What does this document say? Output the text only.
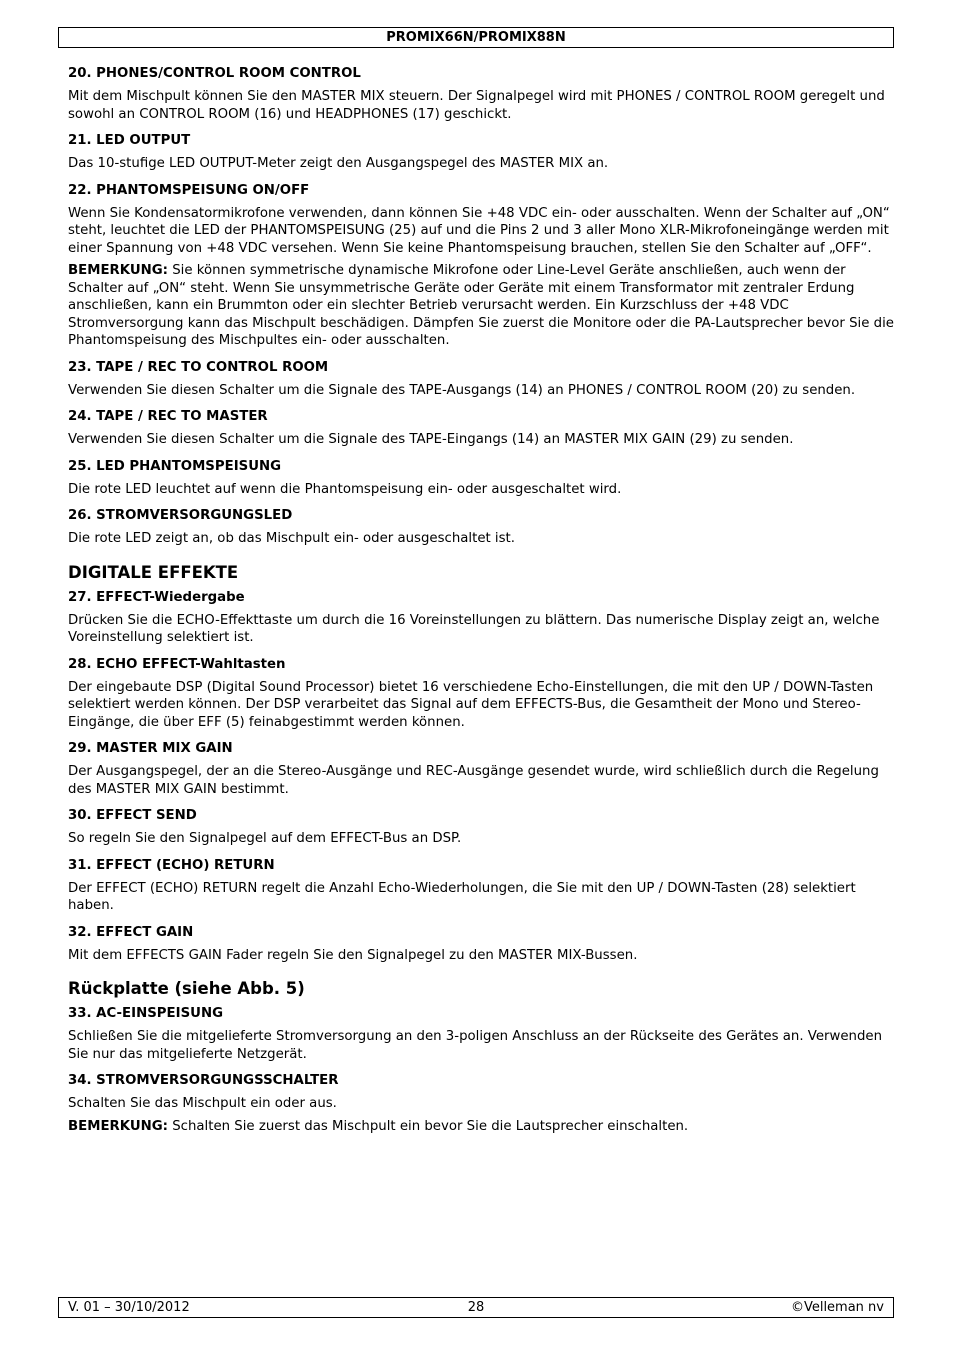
PROMIX66N/PROMIX88N

20. PHONES/CONTROL ROOM CONTROL

Mit dem Mischpult können Sie den MASTER MIX steuern. Der Signalpegel wird mit PHONES / CONTROL ROOM geregelt und sowohl an CONTROL ROOM (16) und HEADPHONES (17) geschickt.

21. LED OUTPUT

Das 10-stufige LED OUTPUT-Meter zeigt den Ausgangspegel des MASTER MIX an.

22. PHANTOMSPEISUNG ON/OFF

Wenn Sie Kondensatormikrofone verwenden, dann können Sie +48 VDC ein- oder ausschalten. Wenn der Schalter auf „ON“ steht, leuchtet die LED der PHANTOMSPEISUNG (25) auf und die Pins 2 und 3 aller Mono XLR-Mikrofoneingänge werden mit einer Spannung von +48 VDC versehen. Wenn Sie keine Phantomspeisung brauchen, stellen Sie den Schalter auf „OFF“.

BEMERKUNG: Sie können symmetrische dynamische Mikrofone oder Line-Level Geräte anschließen, auch wenn der Schalter auf „ON“ steht. Wenn Sie unsymmetrische Geräte oder Geräte mit einem Transformator mit zentraler Erdung anschließen, kann ein Brummton oder ein slechter Betrieb verursacht werden. Ein Kurzschluss der +48 VDC Stromversorgung kann das Mischpult beschädigen. Dämpfen Sie zuerst die Monitore oder die PA-Lautsprecher bevor Sie die Phantomspeisung des Mischpultes ein- oder ausschalten.

23. TAPE / REC TO CONTROL ROOM

Verwenden Sie diesen Schalter um die Signale des TAPE-Ausgangs (14) an PHONES / CONTROL ROOM (20) zu senden.

24. TAPE / REC TO MASTER

Verwenden Sie diesen Schalter um die Signale des TAPE-Eingangs (14) an MASTER MIX GAIN (29) zu senden.

25. LED PHANTOMSPEISUNG

Die rote LED leuchtet auf wenn die Phantomspeisung ein- oder ausgeschaltet wird.

26. STROMVERSORGUNGSLED

Die rote LED zeigt an, ob das Mischpult ein- oder ausgeschaltet ist.

DIGITALE EFFEKTE

27. EFFECT-Wiedergabe

Drücken Sie die ECHO-Effekttaste um durch die 16 Voreinstellungen zu blättern. Das numerische Display zeigt an, welche Voreinstellung selektiert ist.

28. ECHO EFFECT-Wahltasten

Der eingebaute DSP (Digital Sound Processor) bietet 16 verschiedene Echo-Einstellungen, die mit den UP / DOWN-Tasten selektiert werden können. Der DSP verarbeitet das Signal auf dem EFFECTS-Bus, die Gesamtheit der Mono und Stereo-Eingänge, die über EFF (5) feinabgestimmt werden können.

29. MASTER MIX GAIN

Der Ausgangspegel, der an die Stereo-Ausgänge und REC-Ausgänge gesendet wurde, wird schließlich durch die Regelung des MASTER MIX GAIN bestimmt.

30. EFFECT SEND

So regeln Sie den Signalpegel auf dem EFFECT-Bus an DSP.

31. EFFECT (ECHO) RETURN

Der EFFECT (ECHO) RETURN regelt die Anzahl Echo-Wiederholungen, die Sie mit den UP / DOWN-Tasten (28) selektiert haben.

32. EFFECT GAIN

Mit dem EFFECTS GAIN Fader regeln Sie den Signalpegel zu den MASTER MIX-Bussen.

Rückplatte (siehe Abb. 5)

33. AC-EINSPEISUNG

Schließen Sie die mitgelieferte Stromversorgung an den 3-poligen Anschluss an der Rückseite des Gerätes an. Verwenden Sie nur das mitgelieferte Netzgerät.

34. STROMVERSORGUNGSSCHALTER

Schalten Sie das Mischpult ein oder aus.

BEMERKUNG: Schalten Sie zuerst das Mischpult ein bevor Sie die Lautsprecher einschalten.

V. 01 – 30/10/2012	28	©Velleman nv
